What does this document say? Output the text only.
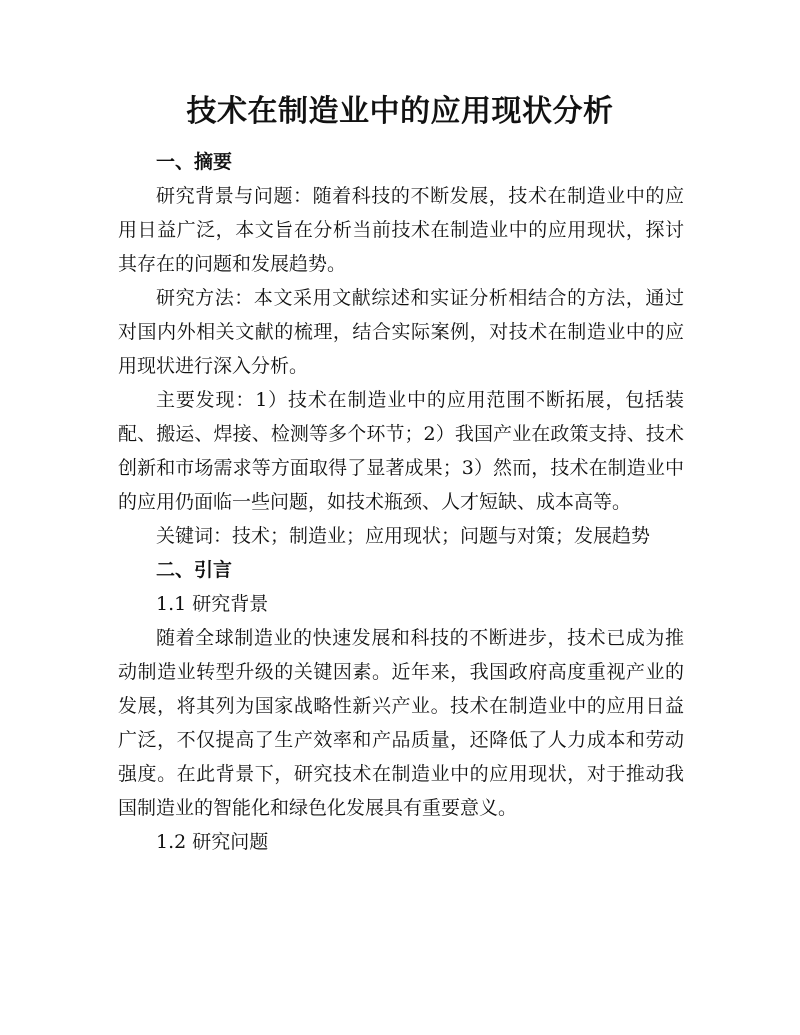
技术在制造业中的应用现状分析

一、摘要

研究背景与问题：随着科技的不断发展，技术在制造业中的应用日益广泛，本文旨在分析当前技术在制造业中的应用现状，探讨其存在的问题和发展趋势。

研究方法：本文采用文献综述和实证分析相结合的方法，通过对国内外相关文献的梳理，结合实际案例，对技术在制造业中的应用现状进行深入分析。

主要发现：1）技术在制造业中的应用范围不断拓展，包括装配、搬运、焊接、检测等多个环节；2）我国产业在政策支持、技术创新和市场需求等方面取得了显著成果；3）然而，技术在制造业中的应用仍面临一些问题，如技术瓶颈、人才短缺、成本高等。

关键词：技术；制造业；应用现状；问题与对策；发展趋势

二、引言

1.1 研究背景

随着全球制造业的快速发展和科技的不断进步，技术已成为推动制造业转型升级的关键因素。近年来，我国政府高度重视产业的发展，将其列为国家战略性新兴产业。技术在制造业中的应用日益广泛，不仅提高了生产效率和产品质量，还降低了人力成本和劳动强度。在此背景下，研究技术在制造业中的应用现状，对于推动我国制造业的智能化和绿色化发展具有重要意义。

1.2 研究问题
